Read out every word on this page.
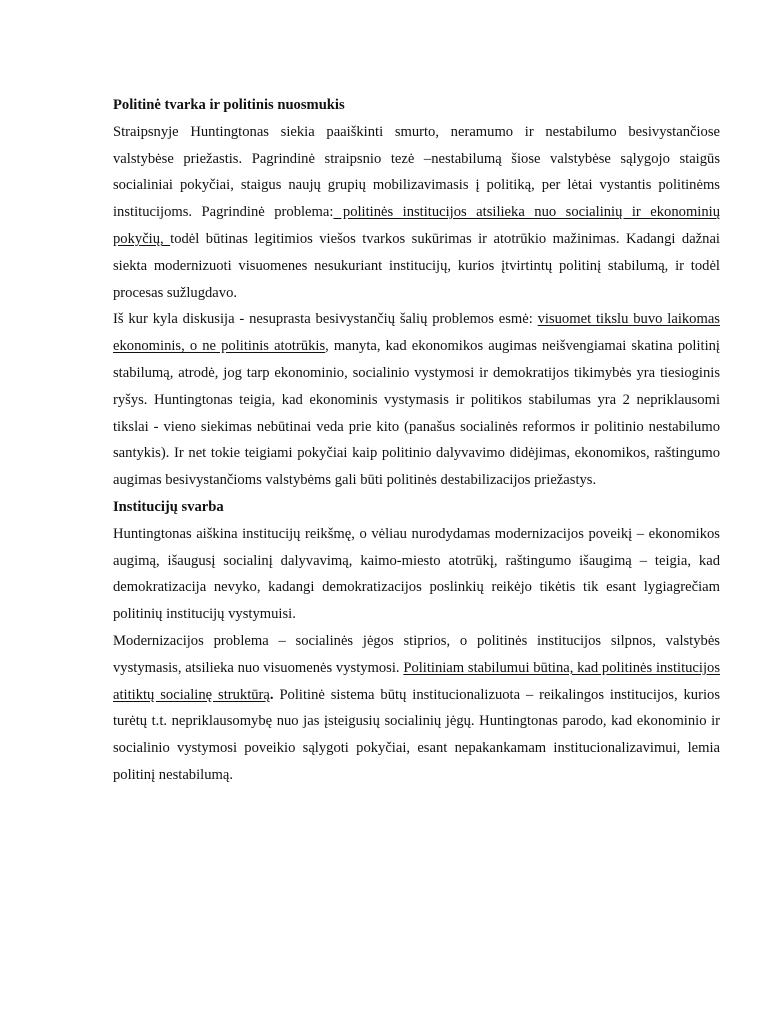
Politinė tvarka ir politinis nuosmukis

Straipsnyje Huntingtonas siekia paaiškinti smurto, neramumo ir nestabilumo besivystančiose valstybėse priežastis. Pagrindinė straipsnio tezė –nestabilumą šiose valstybėse sąlygojo staigūs socialiniai pokyčiai, staigus naujų grupių mobilizavimasis į politiką, per lėtai vystantis politinėms institucijoms. Pagrindinė problema: politinės institucijos atsilieka nuo socialinių ir ekonominių pokyčių, todėl būtinas legitimios viešos tvarkos sukūrimas ir atotrūkio mažinimas. Kadangi dažnai siekta modernizuoti visuomenes nesukuriant institucijų, kurios įtvirtintų politinį stabilumą, ir todėl procesas sužlugdavo.

Iš kur kyla diskusija - nesuprasta besivystančių šalių problemos esmė: visuomet tikslu buvo laikomas ekonominis, o ne politinis atotrūkis, manyta, kad ekonomikos augimas neišvengiamai skatina politinį stabilumą, atrodė, jog tarp ekonominio, socialinio vystymosi ir demokratijos tikimybės yra tiesioginis ryšys. Huntingtonas teigia, kad ekonominis vystymasis ir politikos stabilumas yra 2 nepriklausomi tikslai - vieno siekimas nebūtinai veda prie kito (panašus socialinės reformos ir politinio nestabilumo santykis). Ir net tokie teigiami pokyčiai kaip politinio dalyvavimo didėjimas, ekonomikos, raštingumo augimas besivystančioms valstybėms gali būti politinės destabilizacijos priežastys.

Institucijų svarba

Huntingtonas aiškina institucijų reikšmę, o vėliau nurodydamas modernizacijos poveikį – ekonomikos augimą, išaugusį socialinį dalyvavimą, kaimo-miesto atotrūkį, raštingumo išaugimą – teigia, kad demokratizacija nevyko, kadangi demokratizacijos poslinkių reikėjo tikėtis tik esant lygiagrečiam politinių institucijų vystymuisi.

Modernizacijos problema – socialinės jėgos stiprios, o politinės institucijos silpnos, valstybės vystymasis, atsilieka nuo visuomenės vystymosi. Politiniam stabilumui būtina, kad politinės institucijos atitiktų socialinę struktūrą. Politinė sistema būtų institucionalizuota – reikalingos institucijos, kurios turėtų t.t. nepriklausomybę nuo jas įsteigusių socialinių jėgų. Huntingtonas parodo, kad ekonominio ir socialinio vystymosi poveikio sąlygoti pokyčiai, esant nepakankamam institucionalizavimui, lemia politinį nestabilumą.
